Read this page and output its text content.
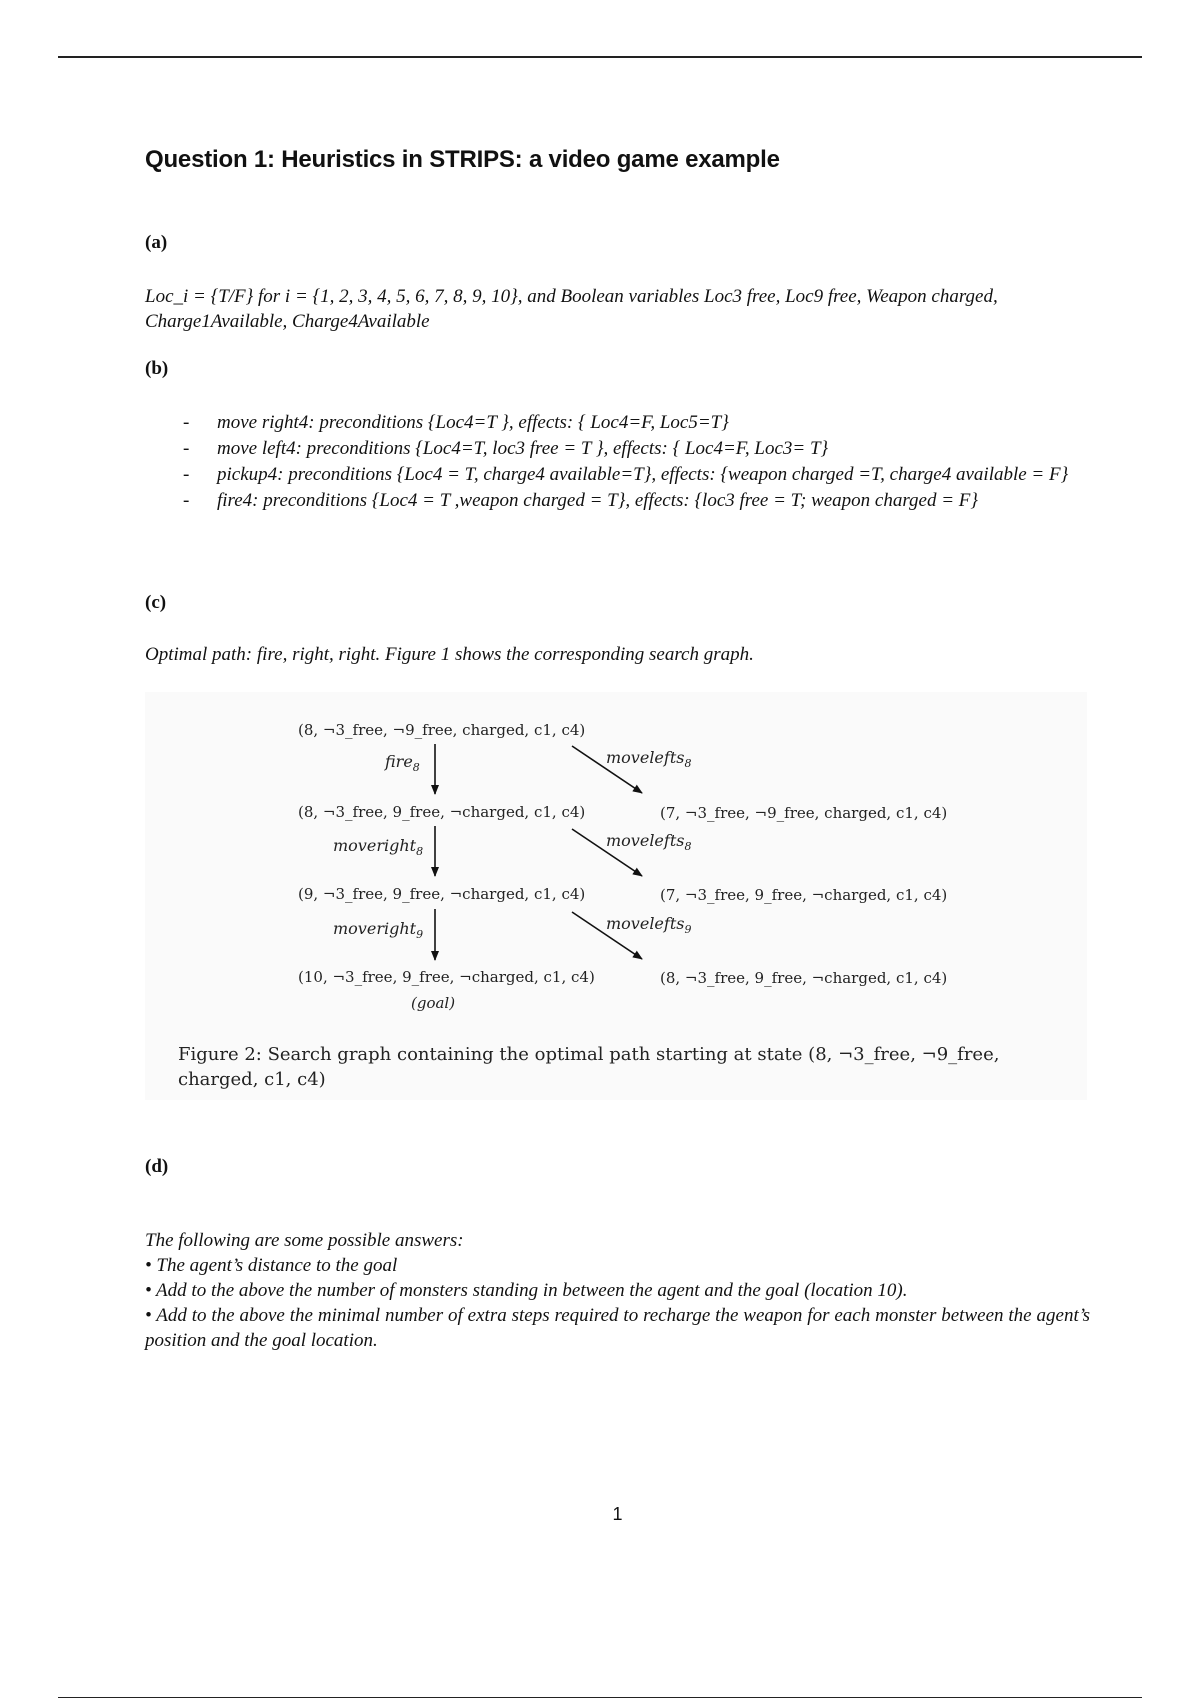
Question 1: Heuristics in STRIPS: a video game example
(a)
Loc_i = {T/F} for i = {1, 2, 3, 4, 5, 6, 7, 8, 9, 10}, and Boolean variables Loc3 free, Loc9 free, Weapon charged, Charge1Available, Charge4Available
(b)
- move right4: preconditions {Loc4=T }, effects: { Loc4=F, Loc5=T}
- move left4: preconditions {Loc4=T, loc3 free = T }, effects: { Loc4=F, Loc3= T}
- pickup4: preconditions {Loc4 = T, charge4 available=T}, effects: {weapon charged =T, charge4 available = F}
- fire4: preconditions {Loc4 = T ,weapon charged = T}, effects: {loc3 free = T; weapon charged = F}
(c)
Optimal path: fire, right, right. Figure 1 shows the corresponding search graph.
(8, ¬3_free, ¬9_free, charged, c1, c4)
(8, ¬3_free, 9_free, ¬charged, c1, c4)
(9, ¬3_free, 9_free, ¬charged, c1, c4)
(10, ¬3_free, 9_free, ¬charged, c1, c4)
(goal)
(7, ¬3_free, ¬9_free, charged, c1, c4)
(7, ¬3_free, 9_free, ¬charged, c1, c4)
(8, ¬3_free, 9_free, ¬charged, c1, c4)
fire$_8$
moveright$_8$
moveright$_9$
movelefts$_8$
movelefts$_8$
movelefts$_9$
Figure 2: Search graph containing the optimal path starting at state (8, ¬3_free, ¬9_free, charged, c1, c4)
(d)
The following are some possible answers:
• The agent’s distance to the goal
• Add to the above the number of monsters standing in between the agent and the goal (location 10).
• Add to the above the minimal number of extra steps required to recharge the weapon for each monster between the agent’s position and the goal location.
1
